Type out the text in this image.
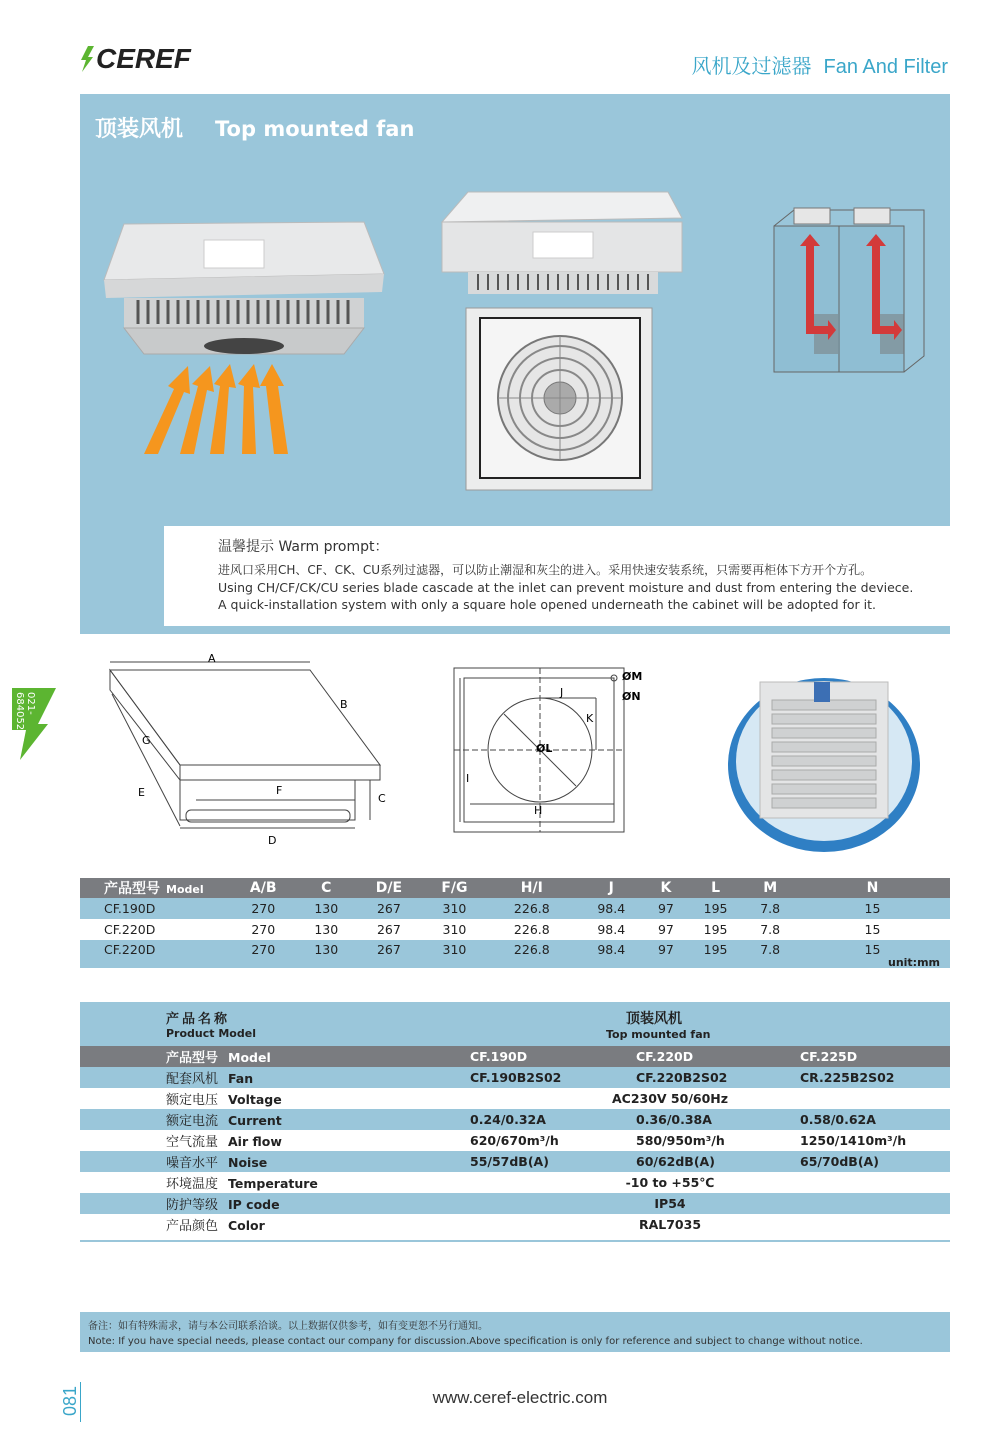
CEREF	风机及过滤器 Fan And Filter
顶装风机 Top mounted fan
温馨提示 Warm prompt：
进风口采用CH、CF、CK、CU系列过滤器，可以防止潮湿和灰尘的进入。采用快速安装系统，只需要再柜体下方开个方孔。
Using CH/CF/CK/CU series blade cascade at the inlet can prevent moisture and dust from entering the deviece.
A quick-installation system with only a square hole opened underneath the cabinet will be adopted for it.
021-68405223
A
B
C
D
E	F
G
ØL
H
I
J
K
ØM
ØN
产品型号 Model	A/B	C	D/E	F/G	H/I	J	K	L	M	N
CF.190D	270	130	267	310	226.8	98.4	97	195	7.8	15
CF.220D	270	130	267	310	226.8	98.4	97	195	7.8	15
CF.220D	270	130	267	310	226.8	98.4	97	195	7.8	15
unit:mm
产品名称
Product Model	顶装风机
Top mounted fan		

产品型号 Model	CF.190D	CF.220D	CF.225D
配套风机 Fan	CF.190B2S02	CF.220B2S02	CR.225B2S02
额定电压 Voltage	AC230V 50/60Hz		
额定电流 Current	0.24/0.32A	0.36/0.38A	0.58/0.62A
空气流量 Air flow	620/670m³/h	580/950m³/h	1250/1410m³/h
噪音水平 Noise	55/57dB(A)	60/62dB(A)	65/70dB(A)
环境温度 Temperature	-10 to +55℃		
防护等级 IP code	IP54		
产品颜色 Color	RAL7035		
备注：如有特殊需求，请与本公司联系洽谈。以上数据仅供参考，如有变更恕不另行通知。
Note: If you have special needs, please contact our company for discussion.Above specification is only for reference and subject to change without notice.
081	www.ceref-electric.com
